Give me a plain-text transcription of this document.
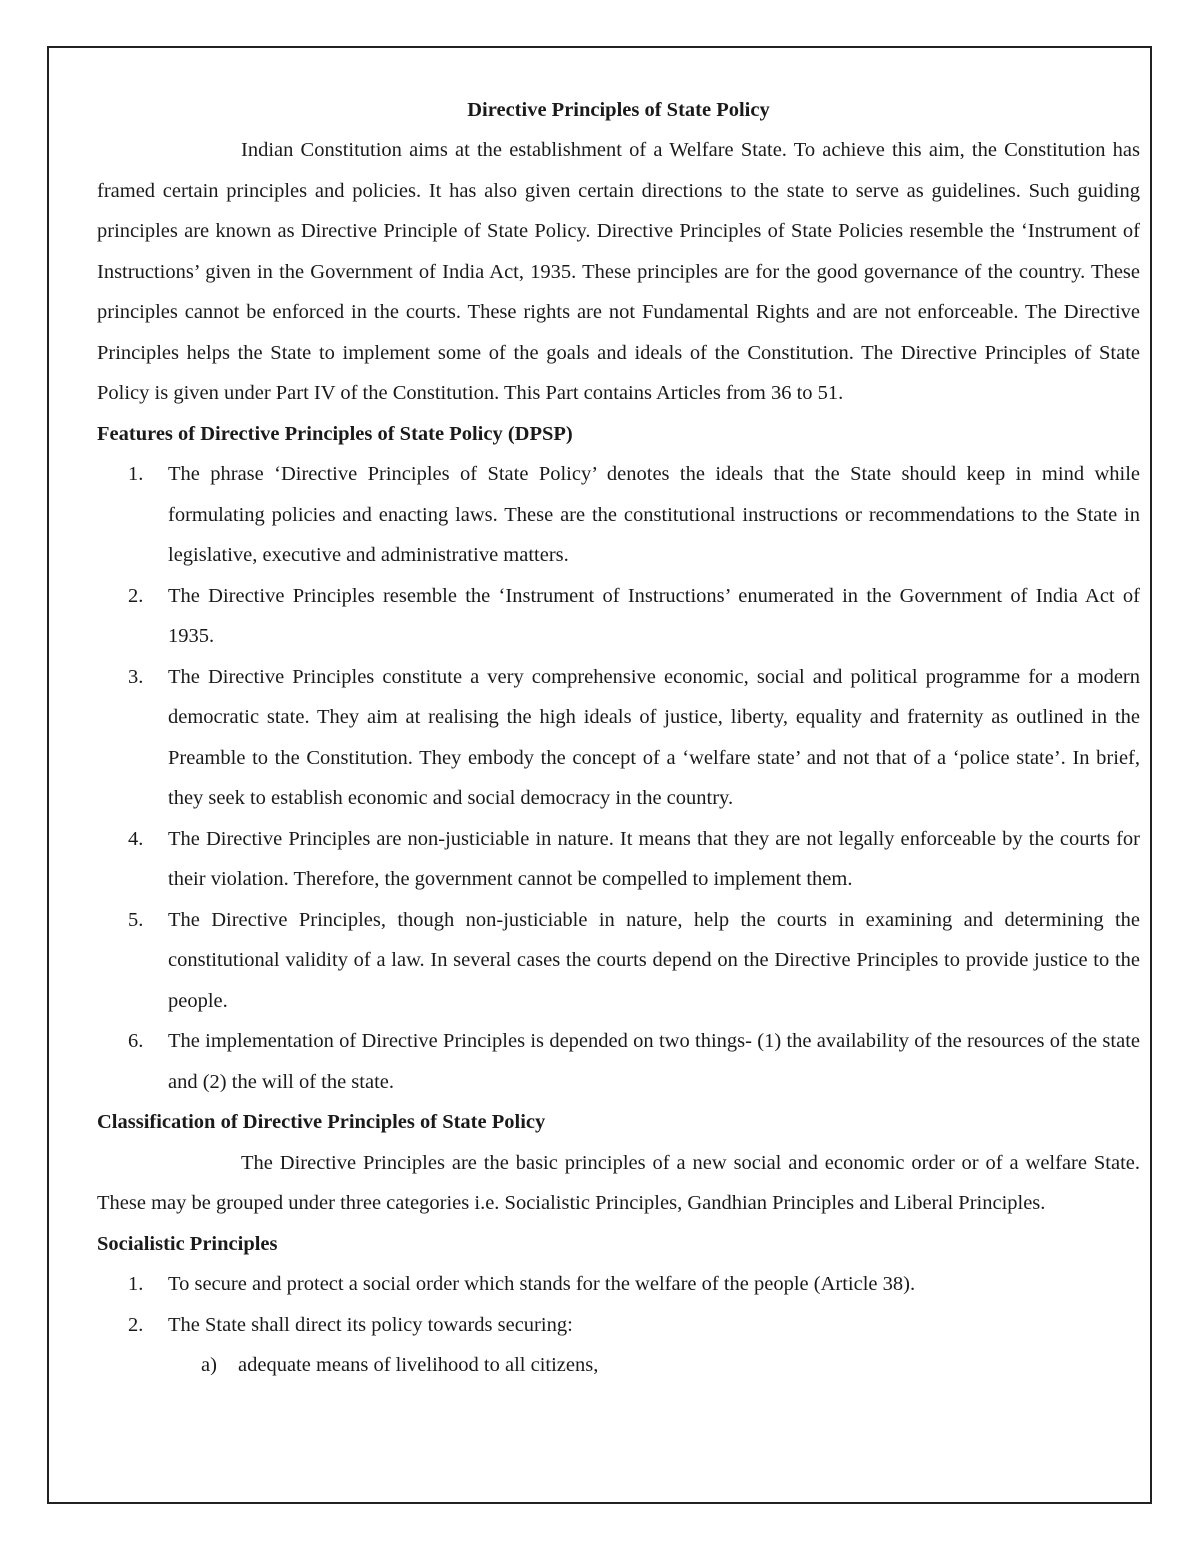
Directive Principles of State Policy

Indian Constitution aims at the establishment of a Welfare State. To achieve this aim, the Constitution has framed certain principles and policies. It has also given certain directions to the state to serve as guidelines. Such guiding principles are known as Directive Principle of State Policy. Directive Principles of State Policies resemble the ‘Instrument of Instructions’ given in the Government of India Act, 1935. These principles are for the good governance of the country. These principles cannot be enforced in the courts. These rights are not Fundamental Rights and are not enforceable. The Directive Principles helps the State to implement some of the goals and ideals of the Constitution. The Directive Principles of State Policy is given under Part IV of the Constitution. This Part contains Articles from 36 to 51.

Features of Directive Principles of State Policy (DPSP)

1. The phrase ‘Directive Principles of State Policy’ denotes the ideals that the State should keep in mind while formulating policies and enacting laws. These are the constitutional instructions or recommendations to the State in legislative, executive and administrative matters.
2. The Directive Principles resemble the ‘Instrument of Instructions’ enumerated in the Government of India Act of 1935.
3. The Directive Principles constitute a very comprehensive economic, social and political programme for a modern democratic state. They aim at realising the high ideals of justice, liberty, equality and fraternity as outlined in the Preamble to the Constitution. They embody the concept of a ‘welfare state’ and not that of a ‘police state’. In brief, they seek to establish economic and social democracy in the country.
4. The Directive Principles are non-justiciable in nature. It means that they are not legally enforceable by the courts for their violation. Therefore, the government cannot be compelled to implement them.
5. The Directive Principles, though non-justiciable in nature, help the courts in examining and determining the constitutional validity of a law. In several cases the courts depend on the Directive Principles to provide justice to the people.
6. The implementation of Directive Principles is depended on two things- (1) the availability of the resources of the state and (2) the will of the state.

Classification of Directive Principles of State Policy

The Directive Principles are the basic principles of a new social and economic order or of a welfare State. These may be grouped under three categories i.e. Socialistic Principles, Gandhian Principles and Liberal Principles.

Socialistic Principles

1. To secure and protect a social order which stands for the welfare of the people (Article 38).
2. The State shall direct its policy towards securing:
a) adequate means of livelihood to all citizens,
